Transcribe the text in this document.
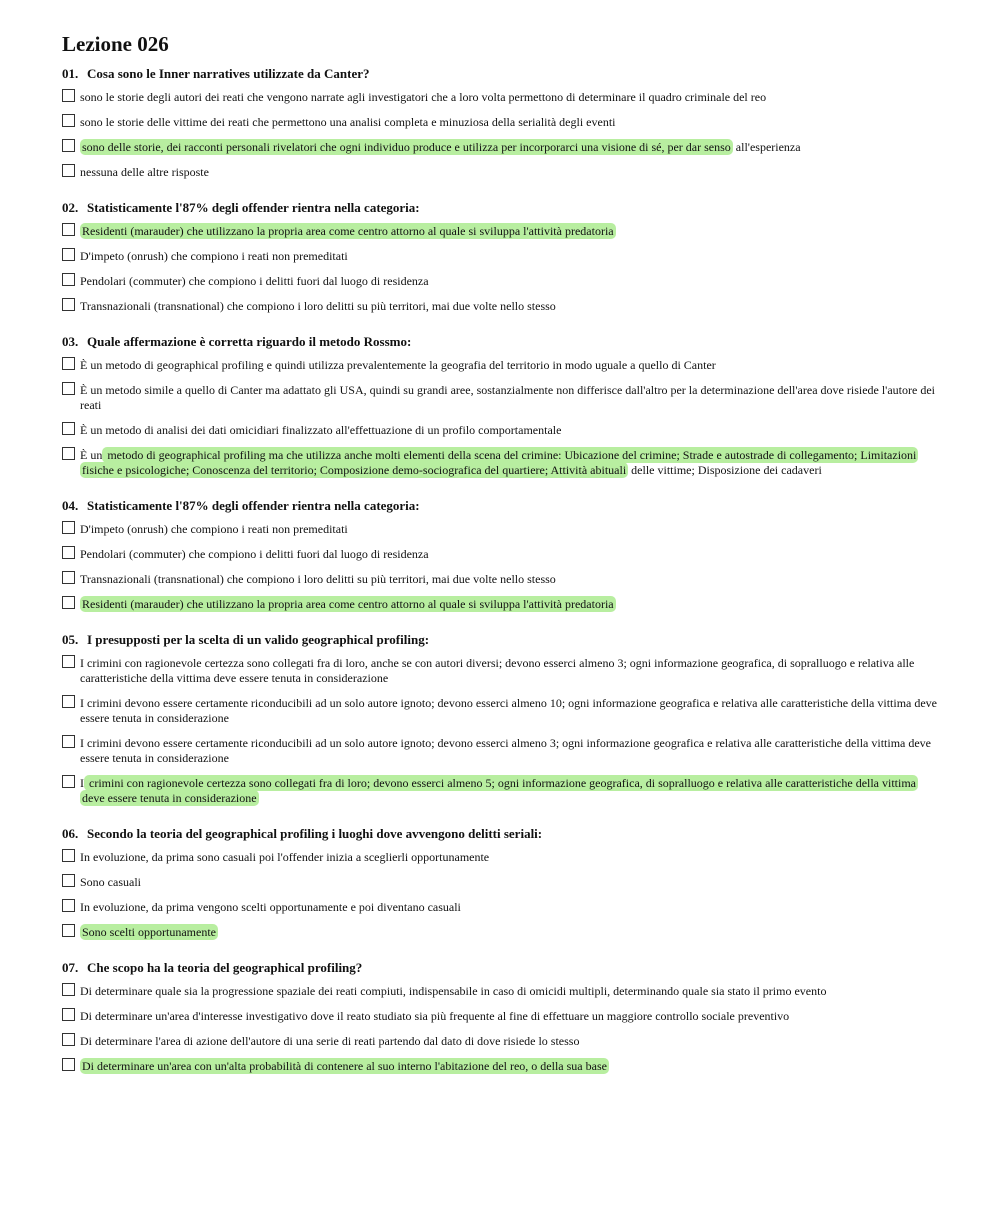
Lezione 026
01. Cosa sono le Inner narratives utilizzate da Canter?
sono le storie degli autori dei reati che vengono narrate agli investigatori che a loro volta permettono di determinare il quadro criminale del reo
sono le storie delle vittime dei reati che permettono una analisi completa e minuziosa della serialità degli eventi
sono delle storie, dei racconti personali rivelatori che ogni individuo produce e utilizza per incorporarci una visione di sé, per dar senso all'esperienza
nessuna delle altre risposte
02. Statisticamente l'87% degli offender rientra nella categoria:
Residenti (marauder) che utilizzano la propria area come centro attorno al quale si sviluppa l'attività predatoria
D'impeto (onrush) che compiono i reati non premeditati
Pendolari (commuter) che compiono i delitti fuori dal luogo di residenza
Transnazionali (transnational) che compiono i loro delitti su più territori, mai due volte nello stesso
03. Quale affermazione è corretta riguardo il metodo Rossmo:
È un metodo di geographical profiling e quindi utilizza prevalentemente la geografia del territorio in modo uguale a quello di Canter
È un metodo simile a quello di Canter ma adattato gli USA, quindi su grandi aree, sostanzialmente non differisce dall'altro per la determinazione dell'area dove risiede l'autore dei reati
È un metodo di analisi dei dati omicidiari finalizzato all'effettuazione di un profilo comportamentale
È un metodo di geographical profiling ma che utilizza anche molti elementi della scena del crimine: Ubicazione del crimine; Strade e autostrade di collegamento; Limitazioni fisiche e psicologiche; Conoscenza del territorio; Composizione demo-sociografica del quartiere; Attività abituali delle vittime; Disposizione dei cadaveri
04. Statisticamente l'87% degli offender rientra nella categoria:
D'impeto (onrush) che compiono i reati non premeditati
Pendolari (commuter) che compiono i delitti fuori dal luogo di residenza
Transnazionali (transnational) che compiono i loro delitti su più territori, mai due volte nello stesso
Residenti (marauder) che utilizzano la propria area come centro attorno al quale si sviluppa l'attività predatoria
05. I presupposti per la scelta di un valido geographical profiling:
I crimini con ragionevole certezza sono collegati fra di loro, anche se con autori diversi; devono esserci almeno 3; ogni informazione geografica, di sopralluogo e relativa alle caratteristiche della vittima deve essere tenuta in considerazione
I crimini devono essere certamente riconducibili ad un solo autore ignoto; devono esserci almeno 10; ogni informazione geografica e relativa alle caratteristiche della vittima deve essere tenuta in considerazione
I crimini devono essere certamente riconducibili ad un solo autore ignoto; devono esserci almeno 3; ogni informazione geografica e relativa alle caratteristiche della vittima deve essere tenuta in considerazione
I crimini con ragionevole certezza sono collegati fra di loro; devono esserci almeno 5; ogni informazione geografica, di sopralluogo e relativa alle caratteristiche della vittima deve essere tenuta in considerazione
06. Secondo la teoria del geographical profiling i luoghi dove avvengono delitti seriali:
In evoluzione, da prima sono casuali poi l'offender inizia a sceglierli opportunamente
Sono casuali
In evoluzione, da prima vengono scelti opportunamente e poi diventano casuali
Sono scelti opportunamente
07. Che scopo ha la teoria del geographical profiling?
Di determinare quale sia la progressione spaziale dei reati compiuti, indispensabile in caso di omicidi multipli, determinando quale sia stato il primo evento
Di determinare un'area d'interesse investigativo dove il reato studiato sia più frequente al fine di effettuare un maggiore controllo sociale preventivo
Di determinare l'area di azione dell'autore di una serie di reati partendo dal dato di dove risiede lo stesso
Di determinare un'area con un'alta probabilità di contenere al suo interno l'abitazione del reo, o della sua base
